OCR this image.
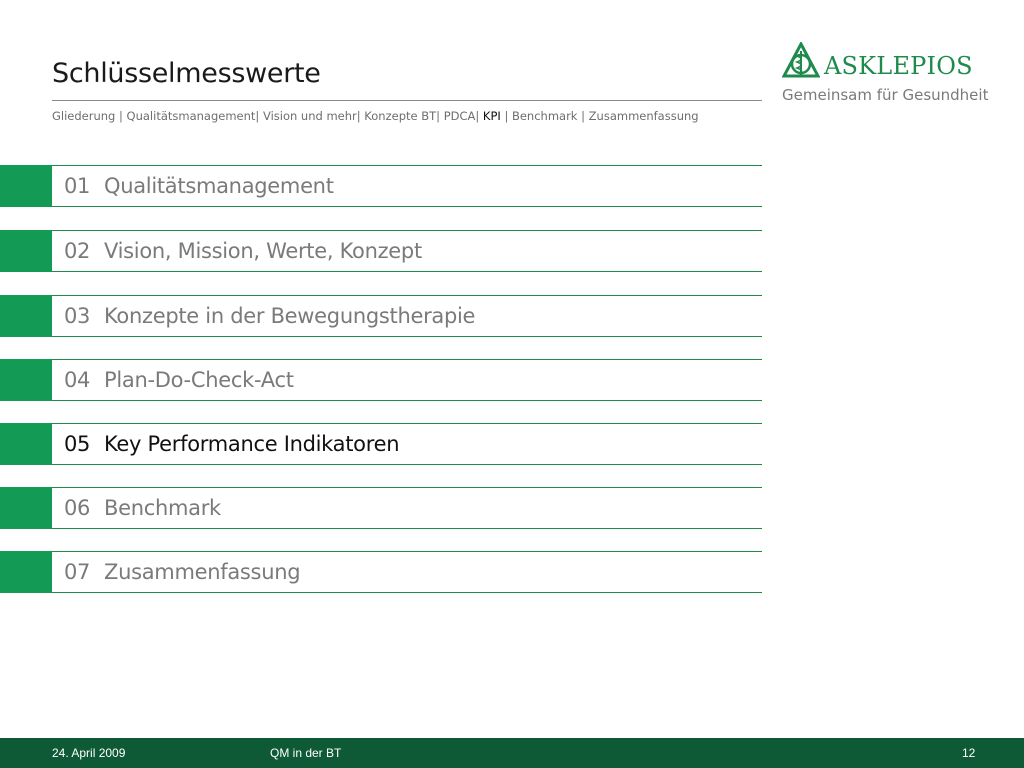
Schlüsselmesswerte
Gliederung | Qualitätsmanagement| Vision und mehr| Konzepte BT| PDCA| KPI | Benchmark | Zusammenfassung
ASKLEPIOS
Gemeinsam für Gesundheit
01 Qualitätsmanagement
02 Vision, Mission, Werte, Konzept
03 Konzepte in der Bewegungstherapie
04 Plan-Do-Check-Act
05 Key Performance Indikatoren
06 Benchmark
07 Zusammenfassung
24. April 2009	QM in der BT	12
